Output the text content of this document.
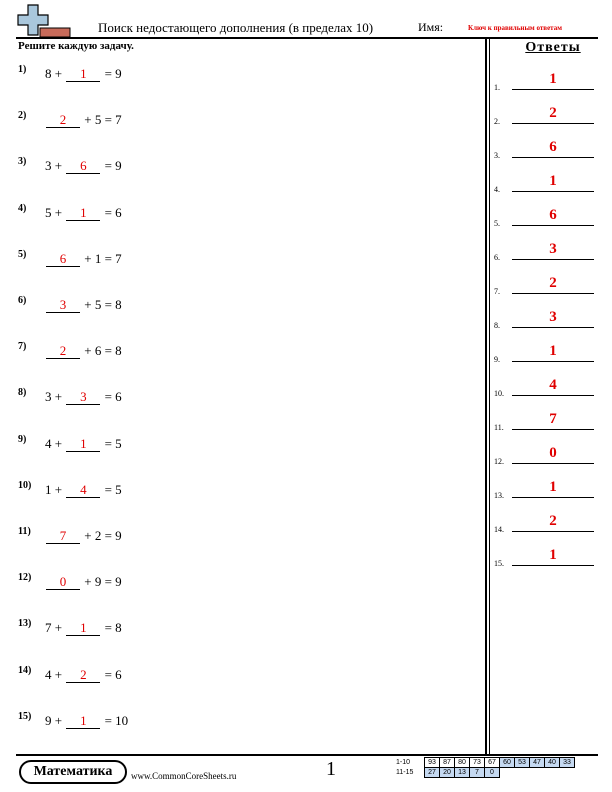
Поиск недостающего дополнения (в пределах 10)	Имя:	Ключ к правильным ответам
Решите каждую задачу.
1) 8 + 1 = 9
2)	2 + 5 = 7
3) 3 + 6 = 9
4) 5 + 1 = 6
5)	6 + 1 = 7
6)	3 + 5 = 8
7)	2 + 6 = 8
8) 3 + 3 = 6
9) 4 + 1 = 5
10) 1 + 4 = 5
11)	7 + 2 = 9
12)	0 + 9 = 9
13) 7 + 1 = 8
14) 4 + 2 = 6
15) 9 + 1 = 10
Ответы
1.
1
2.
2
3.
6
4.
1
5.
6
6.
3
7.
2
8.
3
9.
1
10.
4
11.
7
12.
0
13.
1
14.
2
15.
1
Математика	www.CommonCoreSheets.ru	1	1-10	93	87	80	73	67	60	53	47	40	33
11-15	27	20	13	7	0					
